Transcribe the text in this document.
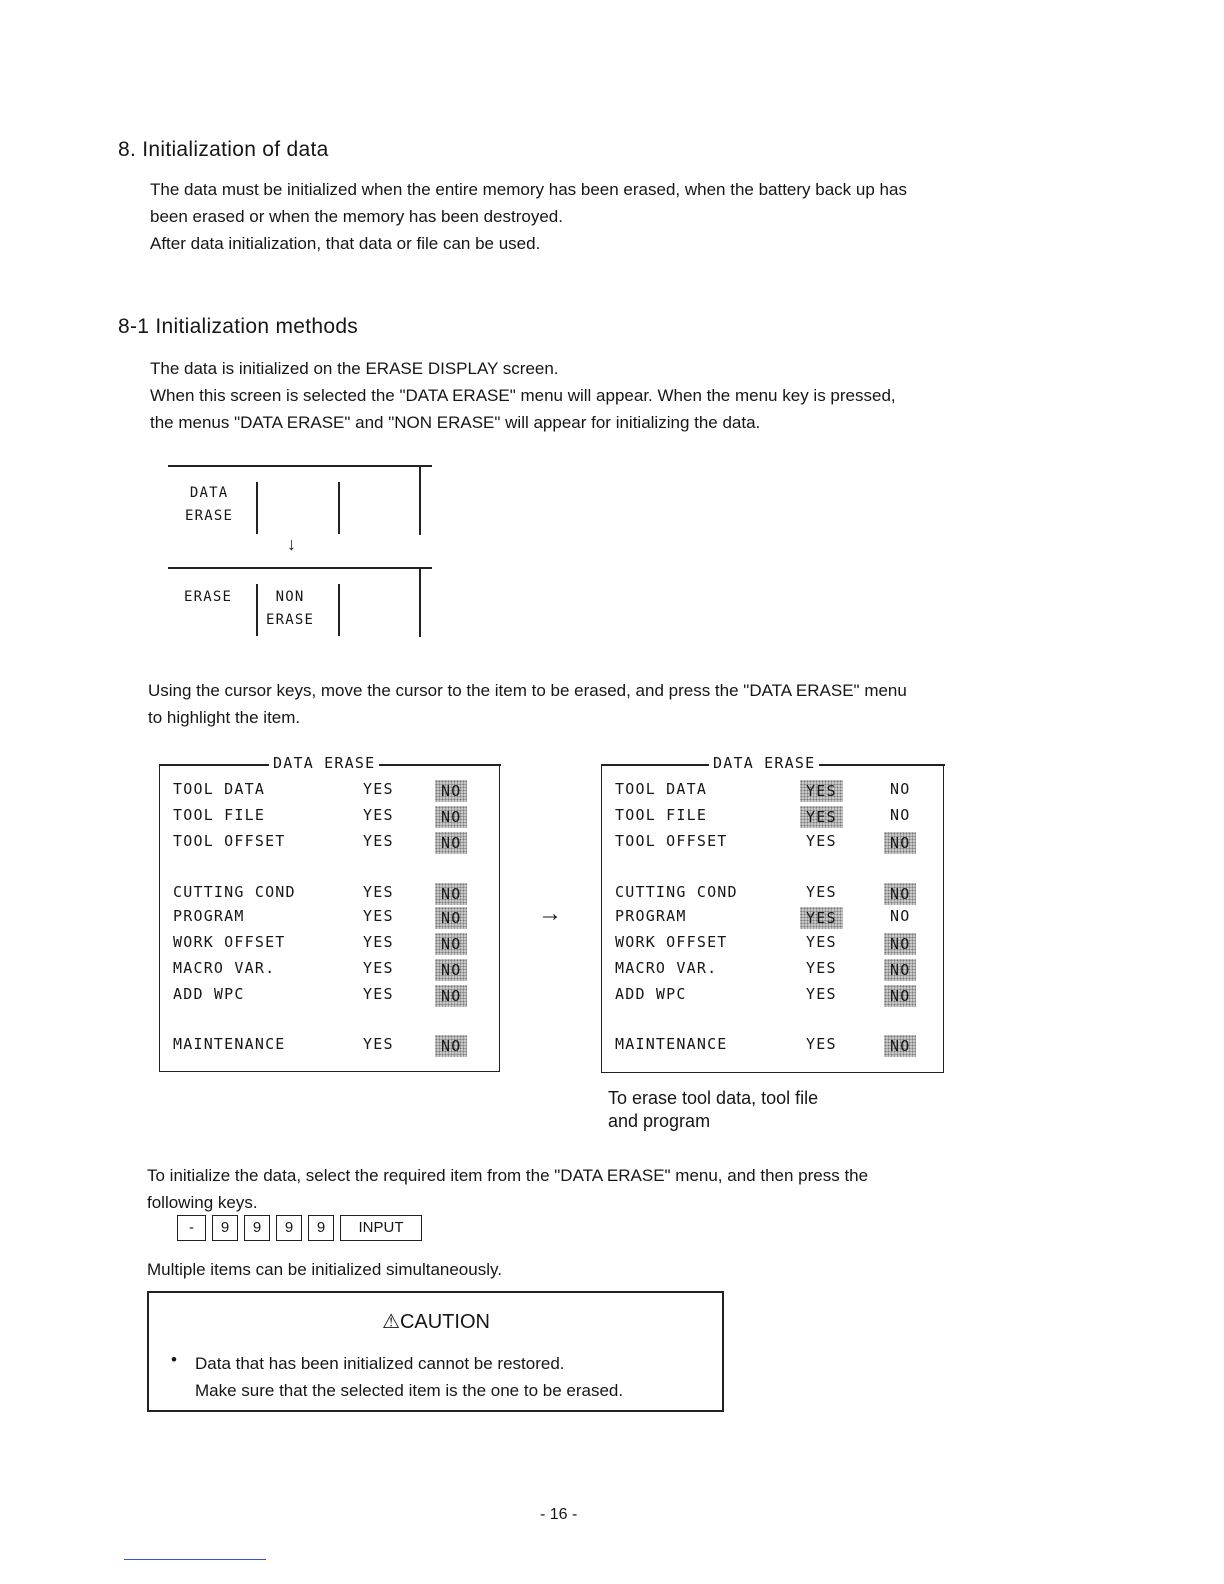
8. Initialization of data
The data must be initialized when the entire memory has been erased, when the battery back up has
been erased or when the memory has been destroyed.
After data initialization, that data or file can be used.
8-1 Initialization methods
The data is initialized on the ERASE DISPLAY screen.
When this screen is selected the "DATA ERASE" menu will appear. When the menu key is pressed,
the menus "DATA ERASE" and "NON ERASE" will appear for initializing the data.
DATA
ERASE
↓
ERASE	NON
ERASE
Using the cursor keys, move the cursor to the item to be erased, and press the "DATA ERASE" menu
to highlight the item.
DATA ERASE
TOOL DATA	YES	NO
TOOL FILE	YES	NO
TOOL OFFSET	YES	NO
CUTTING COND	YES	NO
PROGRAM	YES	NO
WORK OFFSET	YES	NO
MACRO VAR.	YES	NO
ADD WPC	YES	NO
MAINTENANCE	YES	NO
→
DATA ERASE
TOOL DATA	YES	NO
TOOL FILE	YES	NO
TOOL OFFSET	YES	NO
CUTTING COND	YES	NO
PROGRAM	YES	NO
WORK OFFSET	YES	NO
MACRO VAR.	YES	NO
ADD WPC	YES	NO
MAINTENANCE	YES	NO
To erase tool data, tool file
and program
To initialize the data, select the required item from the "DATA ERASE" menu, and then press the
following keys.
-	9	9	9	9	INPUT
Multiple items can be initialized simultaneously.
⚠CAUTION
• Data that has been initialized cannot be restored.
Make sure that the selected item is the one to be erased.
- 16 -
